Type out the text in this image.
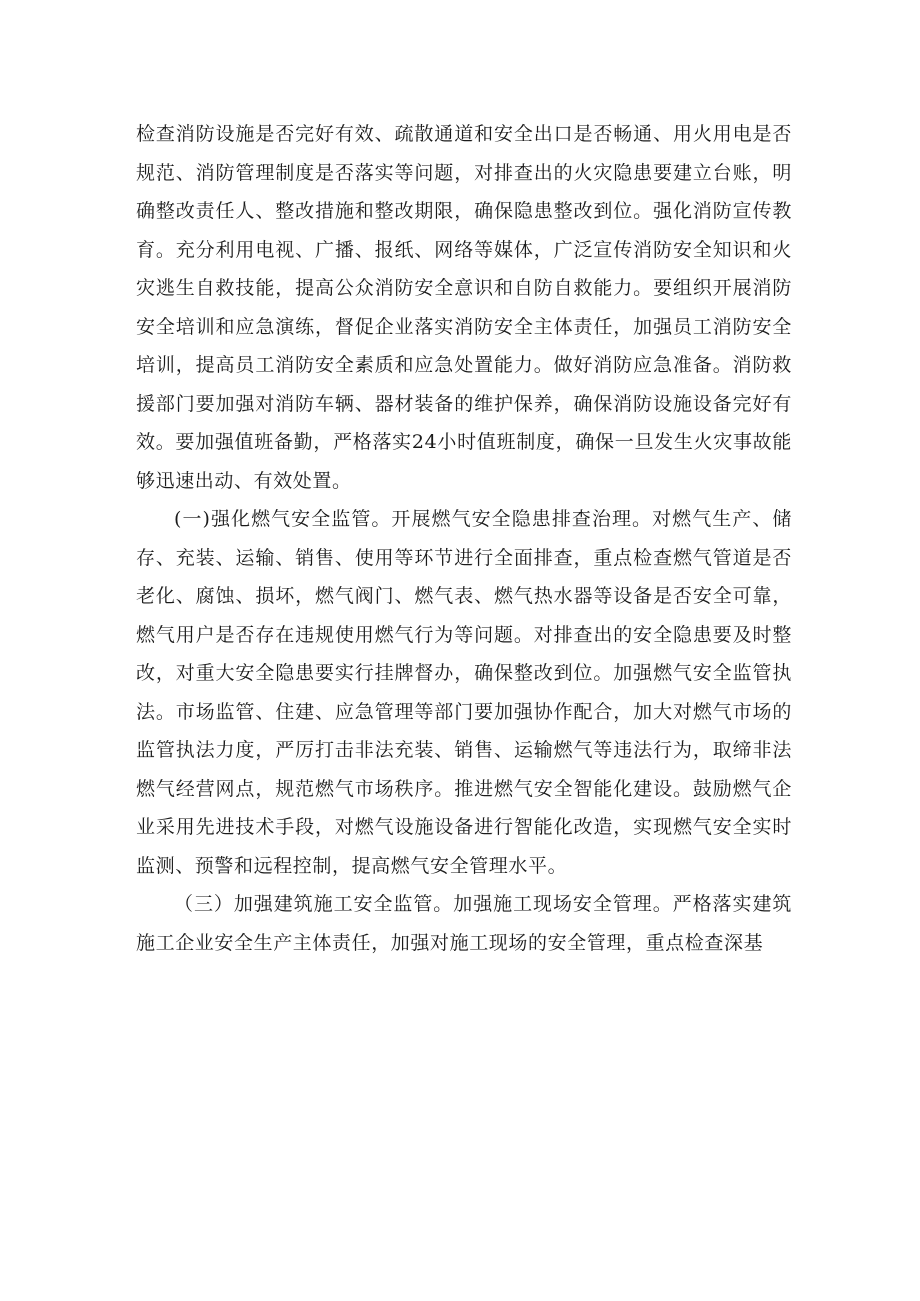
检查消防设施是否完好有效、疏散通道和安全出口是否畅通、用火用电是否规范、消防管理制度是否落实等问题，对排查出的火灾隐患要建立台账，明确整改责任人、整改措施和整改期限，确保隐患整改到位。强化消防宣传教育。充分利用电视、广播、报纸、网络等媒体，广泛宣传消防安全知识和火灾逃生自救技能，提高公众消防安全意识和自防自救能力。要组织开展消防安全培训和应急演练，督促企业落实消防安全主体责任，加强员工消防安全培训，提高员工消防安全素质和应急处置能力。做好消防应急准备。消防救援部门要加强对消防车辆、器材装备的维护保养，确保消防设施设备完好有效。要加强值班备勤，严格落实24小时值班制度，确保一旦发生火灾事故能够迅速出动、有效处置。

(一)强化燃气安全监管。开展燃气安全隐患排查治理。对燃气生产、储存、充装、运输、销售、使用等环节进行全面排查，重点检查燃气管道是否老化、腐蚀、损坏，燃气阀门、燃气表、燃气热水器等设备是否安全可靠，燃气用户是否存在违规使用燃气行为等问题。对排查出的安全隐患要及时整改，对重大安全隐患要实行挂牌督办，确保整改到位。加强燃气安全监管执法。市场监管、住建、应急管理等部门要加强协作配合，加大对燃气市场的监管执法力度，严厉打击非法充装、销售、运输燃气等违法行为，取缔非法燃气经营网点，规范燃气市场秩序。推进燃气安全智能化建设。鼓励燃气企业采用先进技术手段，对燃气设施设备进行智能化改造，实现燃气安全实时监测、预警和远程控制，提高燃气安全管理水平。

（三）加强建筑施工安全监管。加强施工现场安全管理。严格落实建筑施工企业安全生产主体责任，加强对施工现场的安全管理，重点检查深基
